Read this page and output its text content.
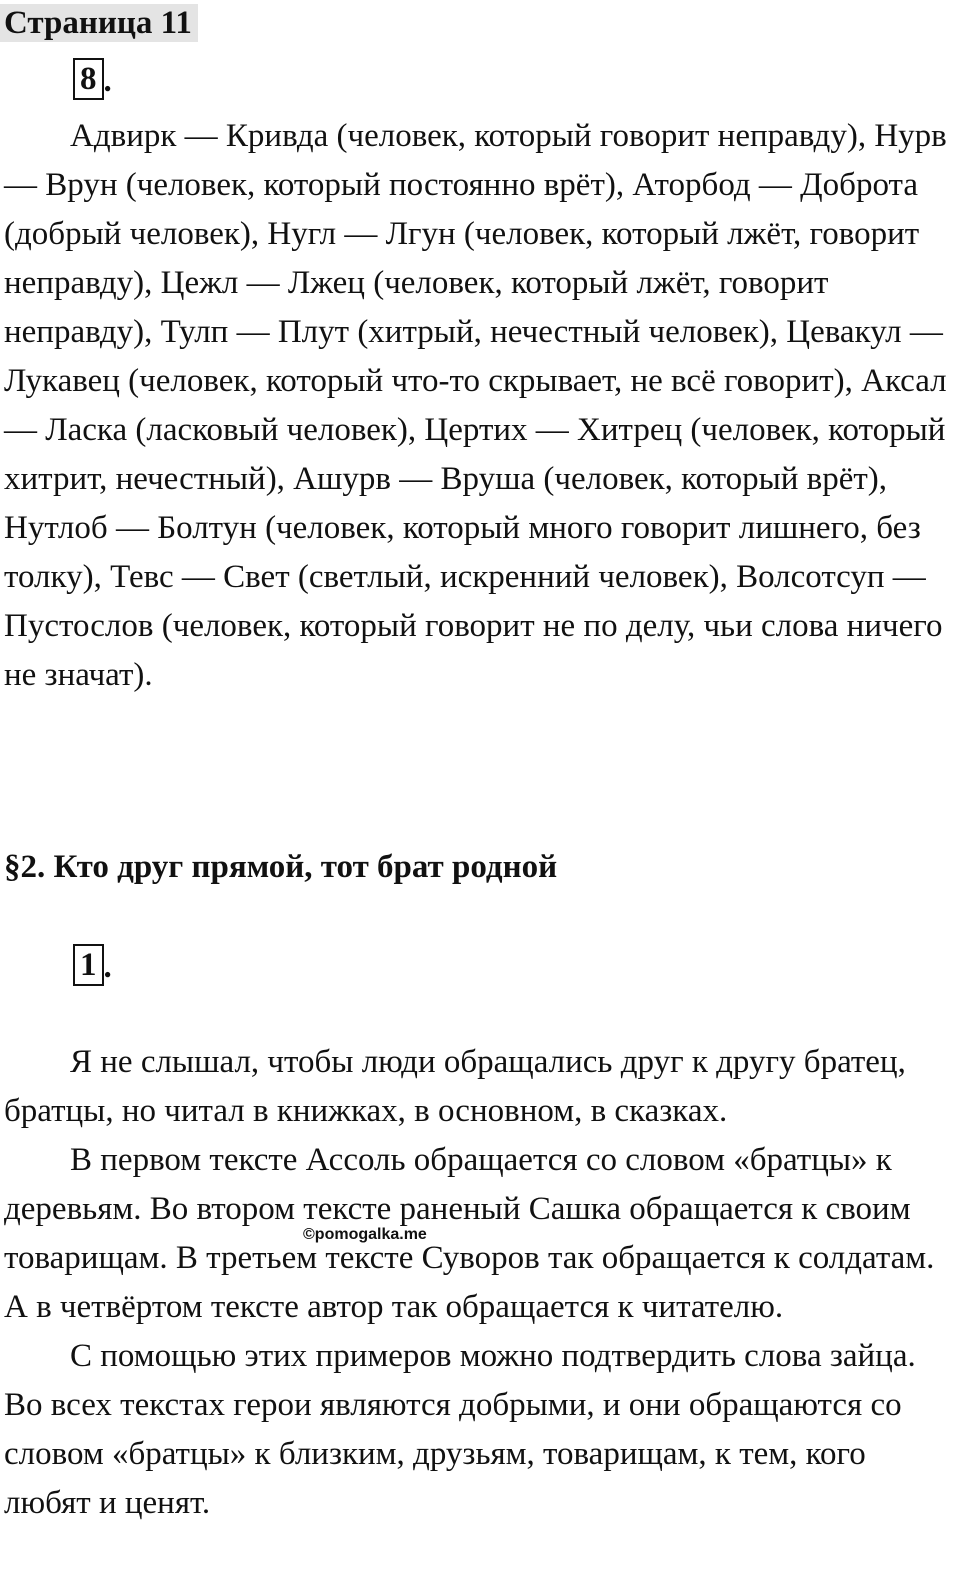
Страница 11
8 .

Адвирк — Кривда (человек, который говорит неправду), Нурв — Врун (человек, который постоянно врёт), Аторбод — Доброта (добрый человек), Нугл — Лгун (человек, который лжёт, говорит неправду), Цежл — Лжец (человек, который лжёт, говорит неправду), Тулп — Плут (хитрый, нечестный человек), Цевакул — Лукавец (человек, который что-то скрывает, не всё говорит), Аксал — Ласка (ласковый человек), Цертих — Хитрец (человек, который хитрит, нечестный), Ашурв — Вруша (человек, который врёт), Нутлоб — Болтун (человек, который много говорит лишнего, без толку), Тевс — Свет (светлый, искренний человек), Волсотсуп — Пустослов (человек, который говорит не по делу, чьи слова ничего не значат).

§2. Кто друг прямой, тот брат родной
1 .

Я не слышал, чтобы люди обращались друг к другу братец, братцы, но читал в книжках, в основном, в сказках.

В первом тексте Ассоль обращается со словом «братцы» к деревьям. Во втором тексте раненый Сашка обращается к своим товарищам. В третьем тексте Суворов так обращается к солдатам. А в четвёртом тексте автор так обращается к читателю.

С помощью этих примеров можно подтвердить слова зайца. Во всех текстах герои являются добрыми, и они обращаются со словом «братцы» к близким, друзьям, товарищам, к тем, кого любят и ценят.

©pomogalka.me
